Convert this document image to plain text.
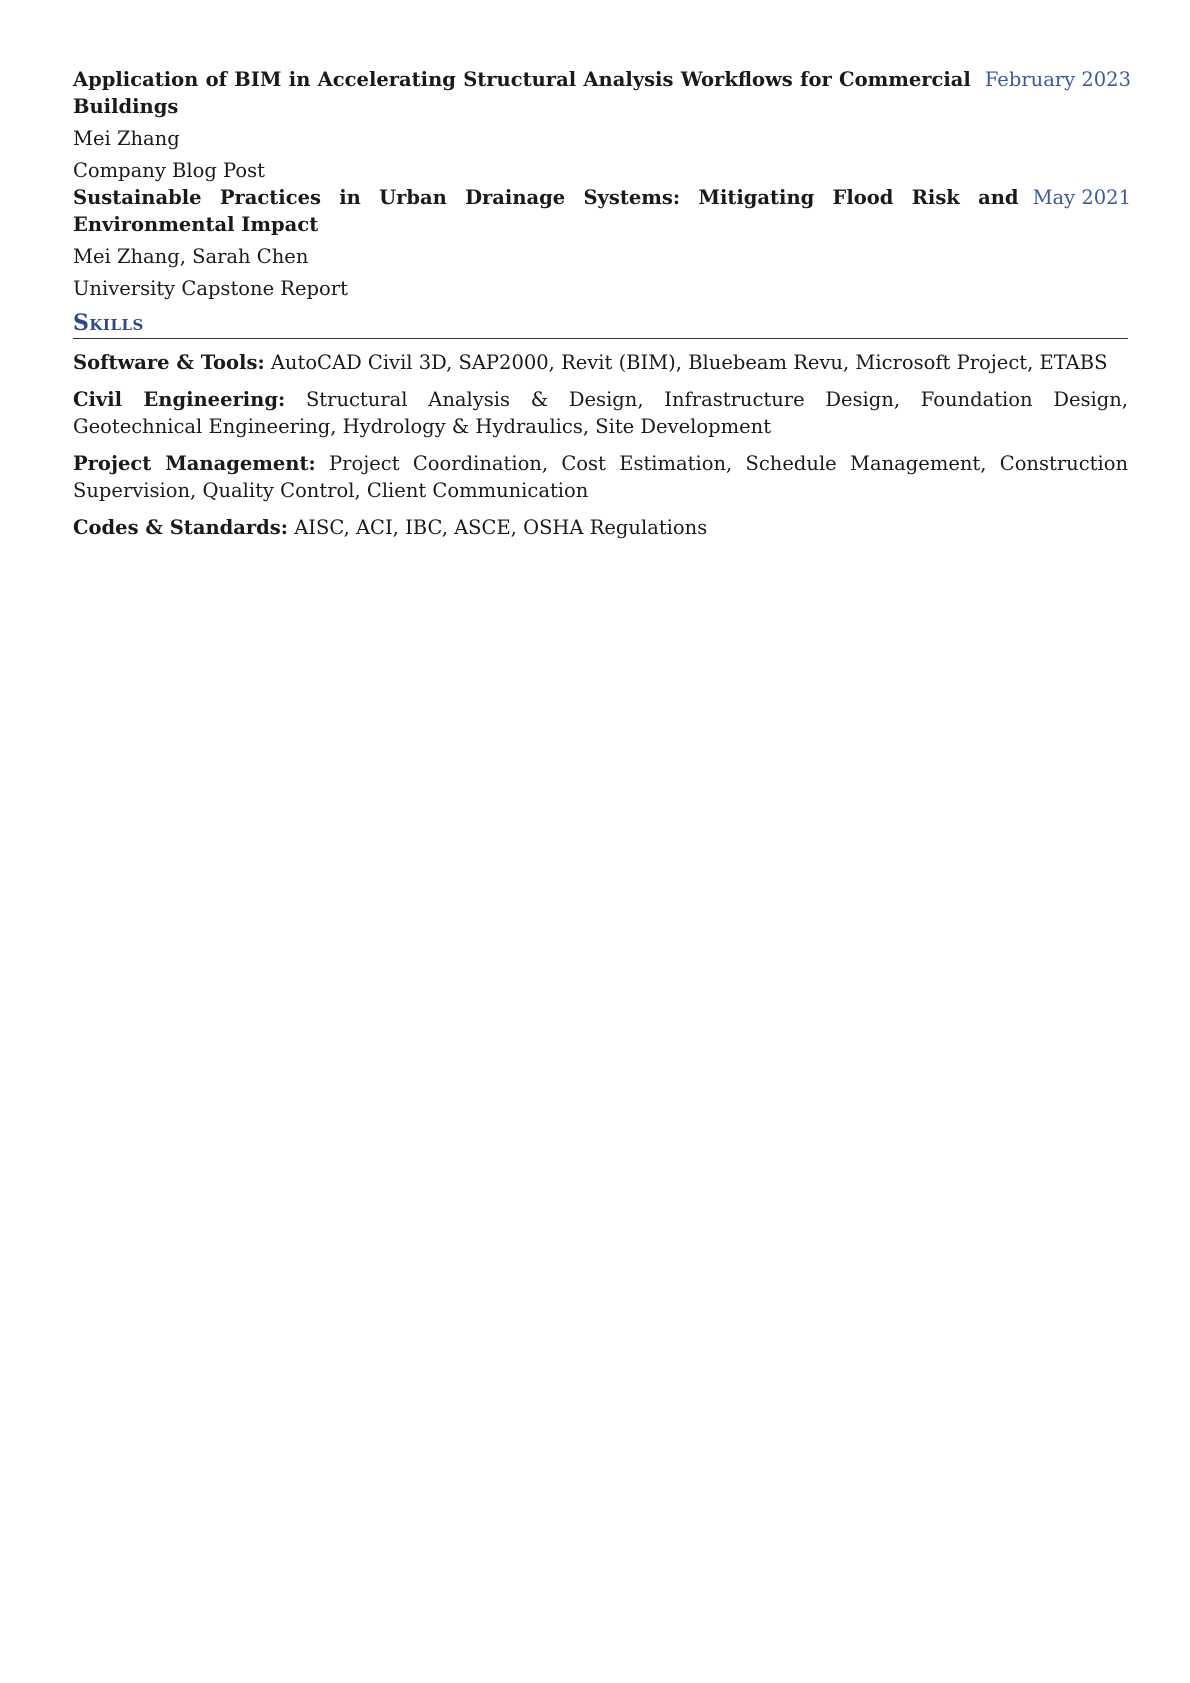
Application of BIM in Accelerating Structural Analysis Workflows for Commercial Buildings
February 2023
Mei Zhang
Company Blog Post
Sustainable Practices in Urban Drainage Systems: Mitigating Flood Risk and Environmental Impact
May 2021
Mei Zhang, Sarah Chen
University Capstone Report
Skills
Software & Tools: AutoCAD Civil 3D, SAP2000, Revit (BIM), Bluebeam Revu, Microsoft Project, ETABS
Civil Engineering: Structural Analysis & Design, Infrastructure Design, Foundation Design, Geotechnical Engineering, Hydrology & Hydraulics, Site Development
Project Management: Project Coordination, Cost Estimation, Schedule Management, Construction Supervision, Quality Control, Client Communication
Codes & Standards: AISC, ACI, IBC, ASCE, OSHA Regulations
